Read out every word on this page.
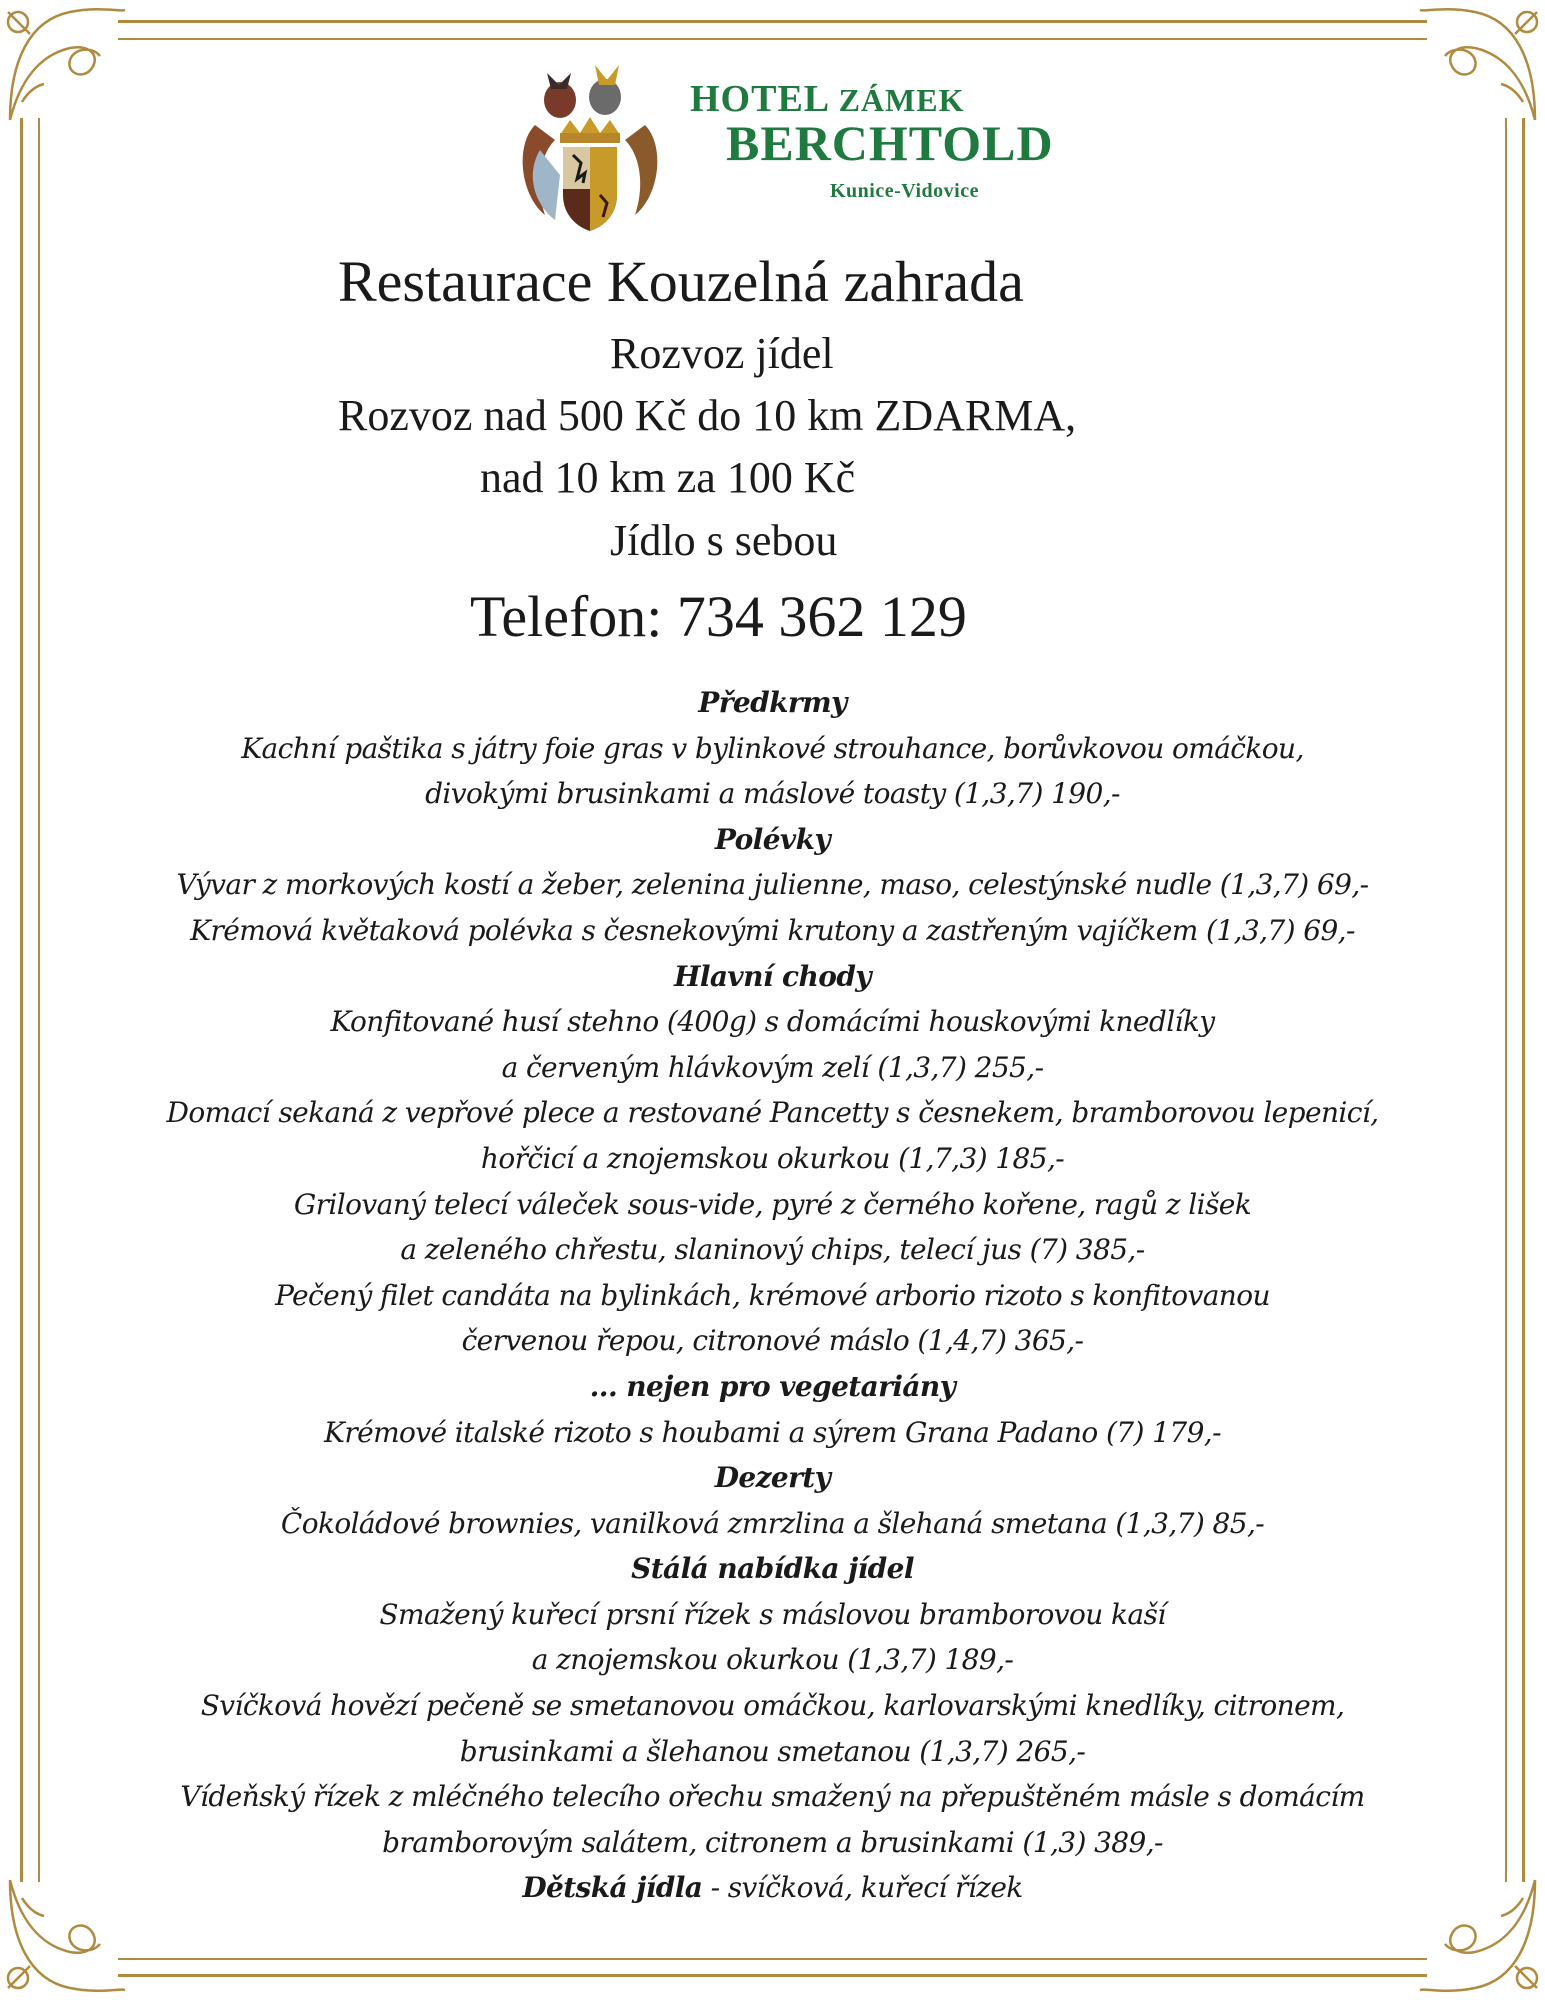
HOTEL ZÁMEK
BERCHTOLD
Kunice-Vidovice
Restaurace Kouzelná zahrada
Rozvoz jídel
Rozvoz nad 500 Kč do 10 km ZDARMA,
nad 10 km za 100 Kč
Jídlo s sebou
Telefon: 734 362 129
Předkrmy
Kachní paštika s játry foie gras v bylinkové strouhance, borůvkovou omáčkou,
divokými brusinkami a máslové toasty (1,3,7) 190,-
Polévky
Vývar z morkových kostí a žeber, zelenina julienne, maso, celestýnské nudle (1,3,7) 69,-
Krémová květaková polévka s česnekovými krutony a zastřeným vajíčkem (1,3,7) 69,-
Hlavní chody
Konfitované husí stehno (400g) s domácími houskovými knedlíky
a červeným hlávkovým zelí (1,3,7) 255,-
Domací sekaná z vepřové plece a restované Pancetty s česnekem, bramborovou lepenicí,
hořčicí a znojemskou okurkou (1,7,3) 185,-
Grilovaný telecí váleček sous-vide, pyré z černého kořene, ragů z lišek
a zeleného chřestu, slaninový chips, telecí jus (7) 385,-
Pečený filet candáta na bylinkách, krémové arborio rizoto s konfitovanou
červenou řepou, citronové máslo (1,4,7) 365,-
... nejen pro vegetariány
Krémové italské rizoto s houbami a sýrem Grana Padano (7) 179,-
Dezerty
Čokoládové brownies, vanilková zmrzlina a šlehaná smetana (1,3,7) 85,-
Stálá nabídka jídel
Smažený kuřecí prsní řízek s máslovou bramborovou kaší
a znojemskou okurkou (1,3,7) 189,-
Svíčková hovězí pečeně se smetanovou omáčkou, karlovarskými knedlíky, citronem,
brusinkami a šlehanou smetanou (1,3,7) 265,-
Vídeňský řízek z mléčného telecího ořechu smažený na přepuštěném másle s domácím
bramborovým salátem, citronem a brusinkami (1,3) 389,-
Dětská jídla - svíčková, kuřecí řízek
